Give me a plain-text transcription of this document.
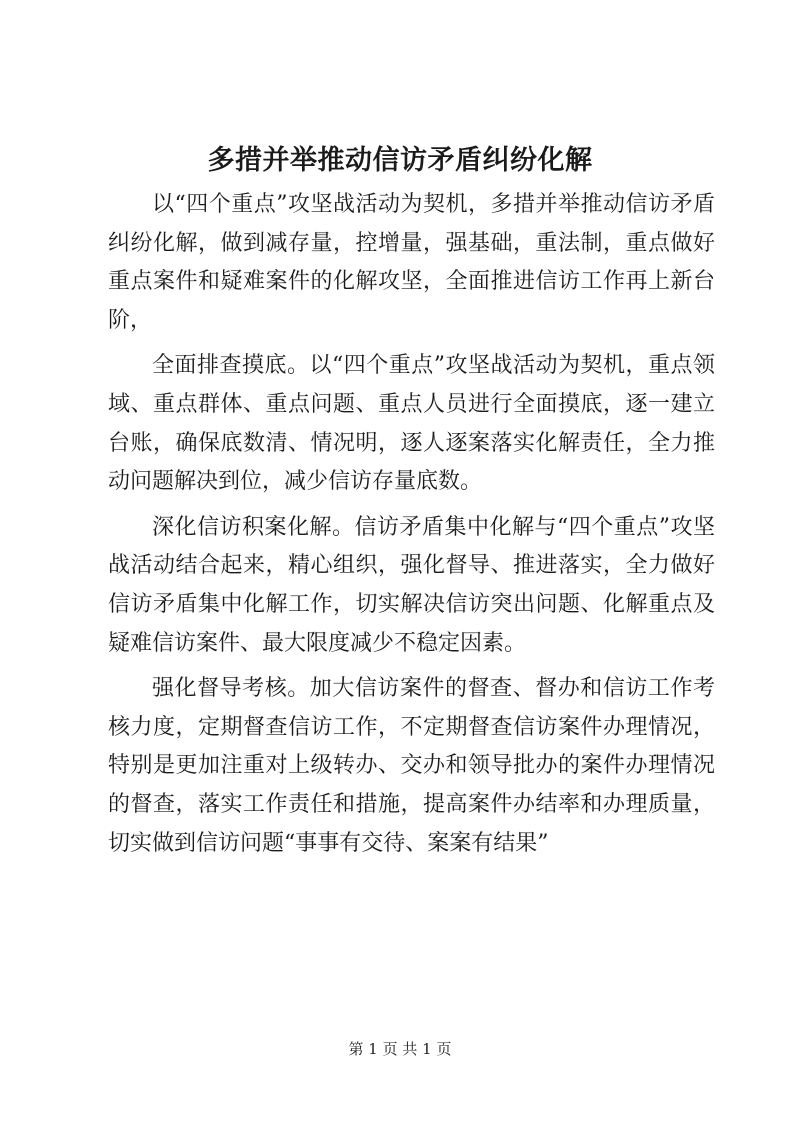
多措并举推动信访矛盾纠纷化解

以“四个重点”攻坚战活动为契机，多措并举推动信访矛盾纠纷化解，做到减存量，控增量，强基础，重法制，重点做好重点案件和疑难案件的化解攻坚，全面推进信访工作再上新台阶，

全面排查摸底。以“四个重点”攻坚战活动为契机，重点领域、重点群体、重点问题、重点人员进行全面摸底，逐一建立台账，确保底数清、情况明，逐人逐案落实化解责任，全力推动问题解决到位，减少信访存量底数。

深化信访积案化解。信访矛盾集中化解与“四个重点”攻坚战活动结合起来，精心组织，强化督导、推进落实，全力做好信访矛盾集中化解工作，切实解决信访突出问题、化解重点及疑难信访案件、最大限度减少不稳定因素。

强化督导考核。加大信访案件的督查、督办和信访工作考核力度，定期督查信访工作，不定期督查信访案件办理情况，特别是更加注重对上级转办、交办和领导批办的案件办理情况的督查，落实工作责任和措施，提高案件办结率和办理质量，切实做到信访问题“事事有交待、案案有结果”

第 1 页 共 1 页
